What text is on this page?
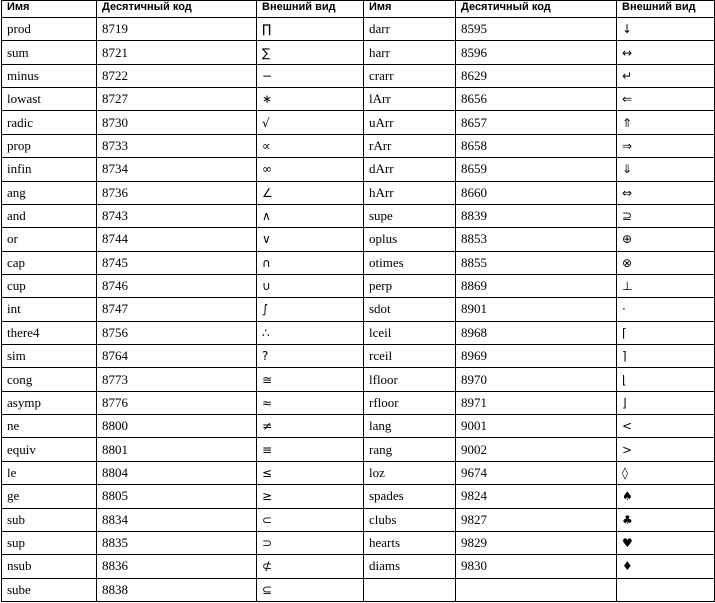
Имя	Десятичный код	Внешний вид	Имя	Десятичный код	Внешний вид
prod	8719	∏	darr	8595	↓
sum	8721	∑	harr	8596	↔
minus	8722	−	crarr	8629	↵
lowast	8727	∗	lArr	8656	⇐
radic	8730	√	uArr	8657	⇑
prop	8733	∝	rArr	8658	⇒
infin	8734	∞	dArr	8659	⇓
ang	8736	∠	hArr	8660	⇔
and	8743	∧	supe	8839	⊇
or	8744	∨	oplus	8853	⊕
cap	8745	∩	otimes	8855	⊗
cup	8746	∪	perp	8869	⊥
int	8747	∫	sdot	8901	⋅
there4	8756	∴	lceil	8968	⌈
sim	8764	?	rceil	8969	⌉
cong	8773	≅	lfloor	8970	⌊
asymp	8776	≈	rfloor	8971	⌋
ne	8800	≠	lang	9001	<
equiv	8801	≡	rang	9002	>
le	8804	≤	loz	9674	◊
ge	8805	≥	spades	9824	♠
sub	8834	⊂	clubs	9827	♣
sup	8835	⊃	hearts	9829	♥
nsub	8836	⊄	diams	9830	♦
sube	8838	⊆			
